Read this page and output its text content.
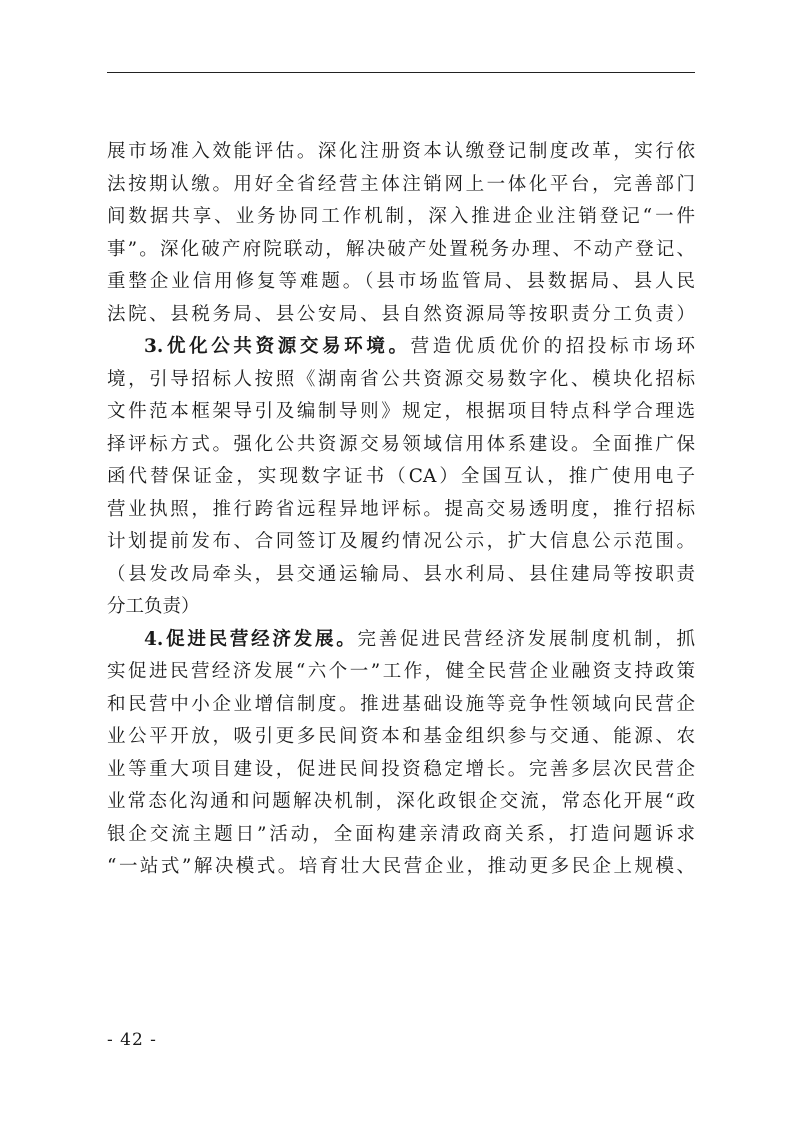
展市场准入效能评估。深化注册资本认缴登记制度改革，实行依
法按期认缴。用好全省经营主体注销网上一体化平台，完善部门
间数据共享、业务协同工作机制，深入推进企业注销登记“一件
事”。深化破产府院联动，解决破产处置税务办理、不动产登记、
重整企业信用修复等难题。（县市场监管局、县数据局、县人民
法院、县税务局、县公安局、县自然资源局等按职责分工负责）
3.优化公共资源交易环境。营造优质优价的招投标市场环
境，引导招标人按照《湖南省公共资源交易数字化、模块化招标
文件范本框架导引及编制导则》规定，根据项目特点科学合理选
择评标方式。强化公共资源交易领域信用体系建设。全面推广保
函代替保证金，实现数字证书（CA）全国互认，推广使用电子
营业执照，推行跨省远程异地评标。提高交易透明度，推行招标
计划提前发布、合同签订及履约情况公示，扩大信息公示范围。
（县发改局牵头，县交通运输局、县水利局、县住建局等按职责
分工负责）
4.促进民营经济发展。完善促进民营经济发展制度机制，抓
实促进民营经济发展“六个一”工作，健全民营企业融资支持政策
和民营中小企业增信制度。推进基础设施等竞争性领域向民营企
业公平开放，吸引更多民间资本和基金组织参与交通、能源、农
业等重大项目建设，促进民间投资稳定增长。完善多层次民营企
业常态化沟通和问题解决机制，深化政银企交流，常态化开展“政
银企交流主题日”活动，全面构建亲清政商关系，打造问题诉求
“一站式”解决模式。培育壮大民营企业，推动更多民企上规模、
- 42 -
